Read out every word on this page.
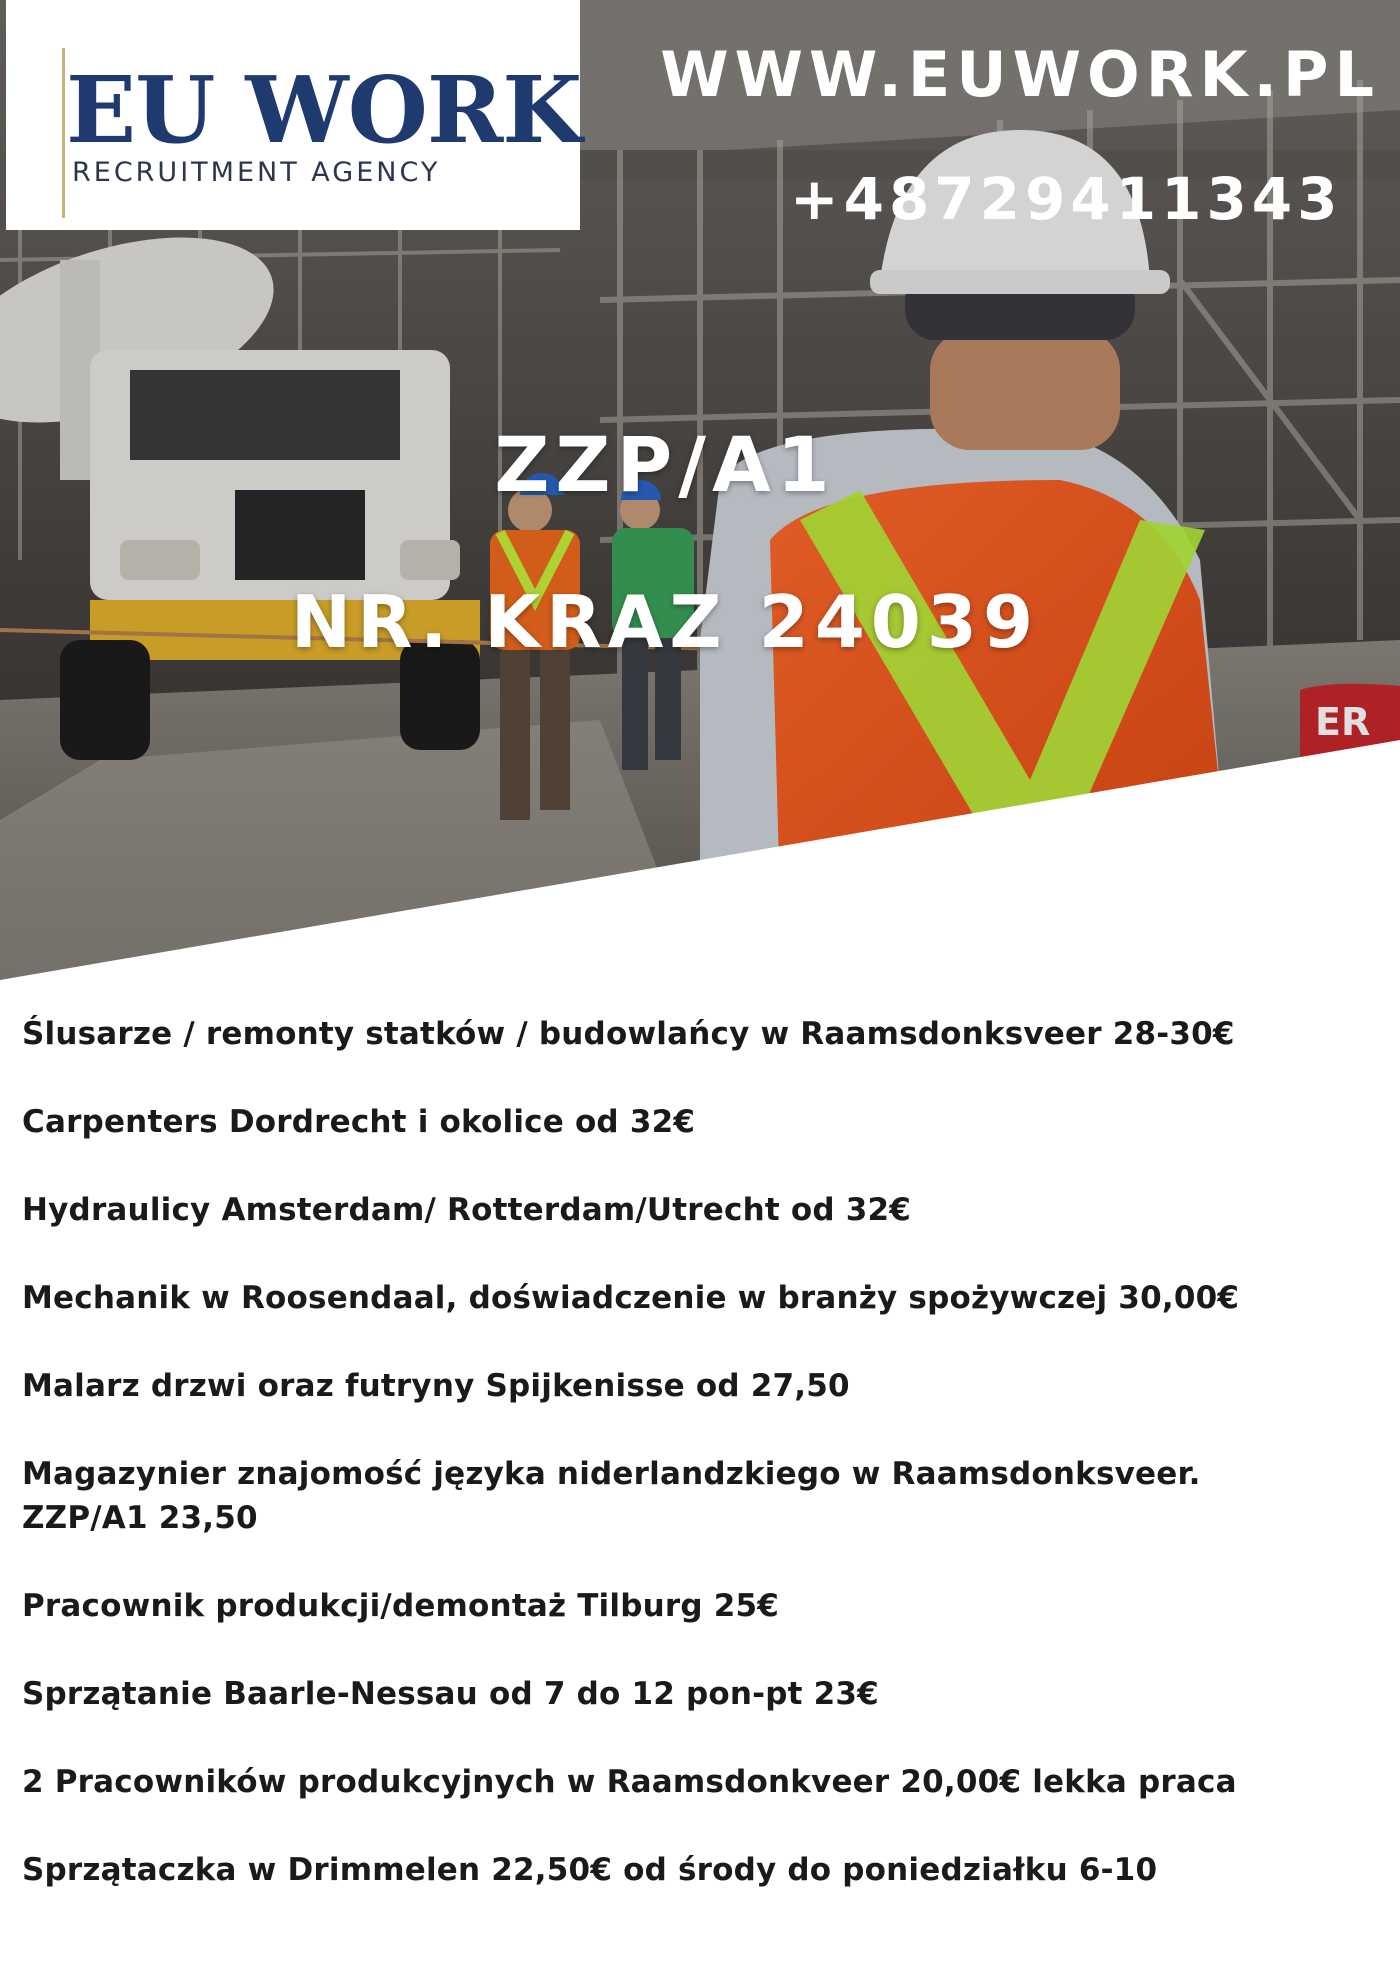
ER
EU WORK
RECRUITMENT AGENCY
WWW.EUWORK.PL
+48729411343
ZZP/A1
NR. KRAZ 24039
Ślusarze / remonty statków / budowlańcy w Raamsdonksveer 28-30€
Carpenters Dordrecht i okolice od 32€
Hydraulicy Amsterdam/ Rotterdam/Utrecht od 32€
Mechanik w Roosendaal, doświadczenie w branży spożywczej 30,00€
Malarz drzwi oraz futryny Spijkenisse od 27,50
Magazynier znajomość języka niderlandzkiego w Raamsdonksveer.
ZZP/A1 23,50
Pracownik produkcji/demontaż Tilburg 25€
Sprzątanie Baarle-Nessau od 7 do 12 pon-pt 23€
2 Pracowników produkcyjnych w Raamsdonkveer 20,00€ lekka praca
Sprzątaczka w Drimmelen 22,50€ od środy do poniedziałku 6-10
